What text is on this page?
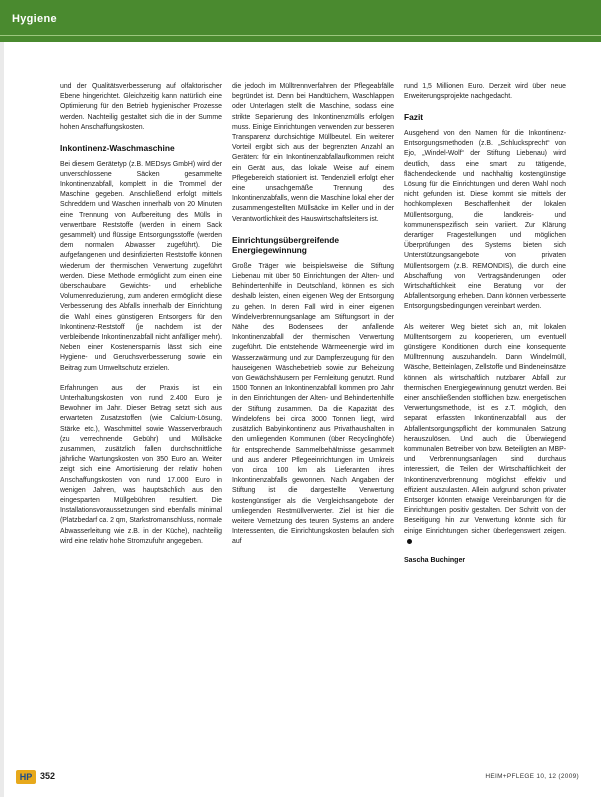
Hygiene

und der Qualitätsverbesserung auf olfaktorischer Ebene hingerichtet. Gleichzeitig kann natürlich eine Optimierung für den Betrieb hygienischer Prozesse werden. Nachteilig gestaltet sich die in der Summe hohen Anschaffungskosten.

Inkontinenz-Waschmaschine

Bei diesem Gerätetyp (z.B. MEDsys GmbH) wird der unverschlossene Säcken gesammelte Inkontinenzabfall, komplett in die Trommel der Maschine gegeben. Anschließend erfolgt mittels Schreddern und Waschen innerhalb von 20 Minuten eine Trennung von Aufbereitung des Mülls in verwertbare Reststoffe (werden in einem Sack gesammelt) und flüssige Entsorgungsstoffe (werden dem normalen Abwasser zugeführt). Die aufgefangenen und desinfizierten Reststoffe können wiederum der thermischen Verwertung zugeführt werden. Diese Methode ermöglicht zum einen eine überschaubare Gewichts- und erhebliche Volumenreduzierung, zum anderen ermöglicht diese Verbesserung des Abfalls innerhalb der Einrichtung die Wahl eines günstigeren Entsorgers für den Inkontinenz-Reststoff (je nachdem ist der verbleibende Inkontinenzabfall nicht anfälliger mehr). Neben einer Kostenersparnis lässt sich eine Hygiene- und Geruchsverbesserung sowie ein Beitrag zum Umweltschutz erzielen.

Erfahrungen aus der Praxis ist ein Unterhaltungskosten von rund 2.400 Euro je Bewohner im Jahr. Dieser Betrag setzt sich aus erwarteten Zusatzstoffen (wie Calcium-Lösung, Stärke etc.), Waschmittel sowie Wasserverbrauch (zu verrechnende Gebühr) und Müllsäcke zusammen, zusätzlich fallen durchschnittliche jährliche Wartungskosten von 350 Euro an. Weiter zeigt sich eine Amortisierung der relativ hohen Anschaffungskosten von rund 17.000 Euro in wenigen Jahren, was hauptsächlich aus den eingesparten Müllgebühren resultiert. Die Installationsvoraussetzungen sind ebenfalls minimal (Platzbedarf ca. 2 qm, Starkstromanschluss, normale Abwasserleitung wie z.B. in der Küche), nachteilig wird eine relativ hohe Stromzufuhr angegeben.

die jedoch im Mülltrennverfahren der Pflegeabfälle begründet ist. Denn bei Handtüchern, Waschlappen oder Unterlagen stellt die Maschine, sodass eine strikte Separierung des Inkontinenzmülls erfolgen muss. Einige Einrichtungen verwenden zur besseren Transparenz durchsichtige Müllbeutel. Ein weiterer Vorteil ergibt sich aus der begrenzten Anzahl an Geräten: für ein Inkontinenzabfallaufkommen reicht ein Gerät aus, das lokale Weise auf einem Pflegebereich stationiert ist. Tendenziell erfolgt eher eine unsachgemäße Trennung des Inkontinenzabfalls, wenn die Maschine lokal eher der zusammengestellten Müllsäcke im Keller und in der Verantwortlichkeit des Hauswirtschaftsleiters ist.

Einrichtungsübergreifende Energiegewinnung

Große Träger wie beispielsweise die Stiftung Liebenau mit über 50 Einrichtungen der Alten- und Behindertenhilfe in Deutschland, können es sich deshalb leisten, einen eigenen Weg der Entsorgung zu gehen. In deren Fall wird in einer eigenen Windelverbrennungsanlage am Stiftungsort in der Nähe des Bodensees der anfallende Inkontinenzabfall der thermischen Verwertung zugeführt. Die entstehende Wärmeenergie wird im Wasserzwärmung und zur Dampferzeugung für den hauseigenen Wäschebetrieb sowie zur Beheizung von Gewächshäusern per Fernleitung genutzt. Rund 1500 Tonnen an Inkontinenzabfall kommen pro Jahr in den Einrichtungen der Alten- und Behindertenhilfe der Stiftung zusammen. Da die Kapazität des Windelofens bei circa 3000 Tonnen liegt, wird zusätzlich Babyinkontinenz aus Privathaushalten in den umliegenden Kommunen (über Recyclinghöfe) für entsprechende Sammelbehältnisse gesammelt und aus anderer Pflegeeinrichtungen im Umkreis von circa 100 km als Lieferanten ihres Inkontinenzabfalls gewonnen. Nach Angaben der Stiftung ist die dargestellte Verwertung kostengünstiger als die Vergleichsangebote der umliegenden Restmüllverwerter. Ziel ist hier die weitere Vernetzung des teuren Systems an andere Interessenten, die Einrichtungskosten belaufen sich auf

rund 1,5 Millionen Euro. Derzeit wird über neue Erweiterungsprojekte nachgedacht.

Fazit

Ausgehend von den Namen für die Inkontinenz-Entsorgungsmethoden (z.B. „Schlucksprecht“ von Ejo, „Windel-Wolf“ der Stiftung Liebenau) wird deutlich, dass eine smart zu tätigende, flächendeckende und nachhaltig kostengünstige Lösung für die Einrichtungen und deren Wahl noch nicht gefunden ist. Diese kommt sie mittels der hochkomplexen Beschaffenheit der lokalen Müllentsorgung, die landkreis- und kommunenspezifisch sein variiert. Zur Klärung derartiger Fragestellungen und möglichen Überprüfungen des Systems bieten sich Unterstützungsangebote von privaten Müllentsorgern (z.B. REMONDIS), die durch eine Abschaffung von Vertragsänderungen oder Wirtschaftlichkeit eine Beratung vor der Abfallentsorgung erheben. Dann können verbesserte Entsorgungsbedingungen vereinbart werden.

Als weiterer Weg bietet sich an, mit lokalen Mülltentsorgern zu kooperieren, um eventuell günstigere Konditionen durch eine konsequente Mülltrennung auszuhandeln. Dann Windelmüll, Wäsche, Betteinlagen, Zellstoffe und Bindeneinsätze können als wirtschaftlich nutzbarer Abfall zur thermischen Energiegewinnung genutzt werden. Bei einer anschließenden stofflichen bzw. energetischen Verwertungsmethode, ist es z.T. möglich, den separat erfassten Inkontinenzabfall aus der Abfallentsorgungspflicht der kommunalen Satzung herauszulösen. Und auch die Überwiegend kommunalen Betreiber von bzw. Beteiligten an MBP- und Verbrennungsanlagen sind durchaus interessiert, die Teilen der Wirtschaftlichkeit der Inkontinenzverbrennung möglichst effektiv und effizient auszulasten. Allein aufgrund schon privater Entsorger könnten etwaige Vereinbarungen für die Einrichtungen positiv gestalten. Der Schritt von der Beseitigung hin zur Verwertung könnte sich für einige Einrichtungen sicher überlegenswert zeigen.

Sascha Buchinger
HP 352	HEIM+PFLEGE 10, 12 (2009)
